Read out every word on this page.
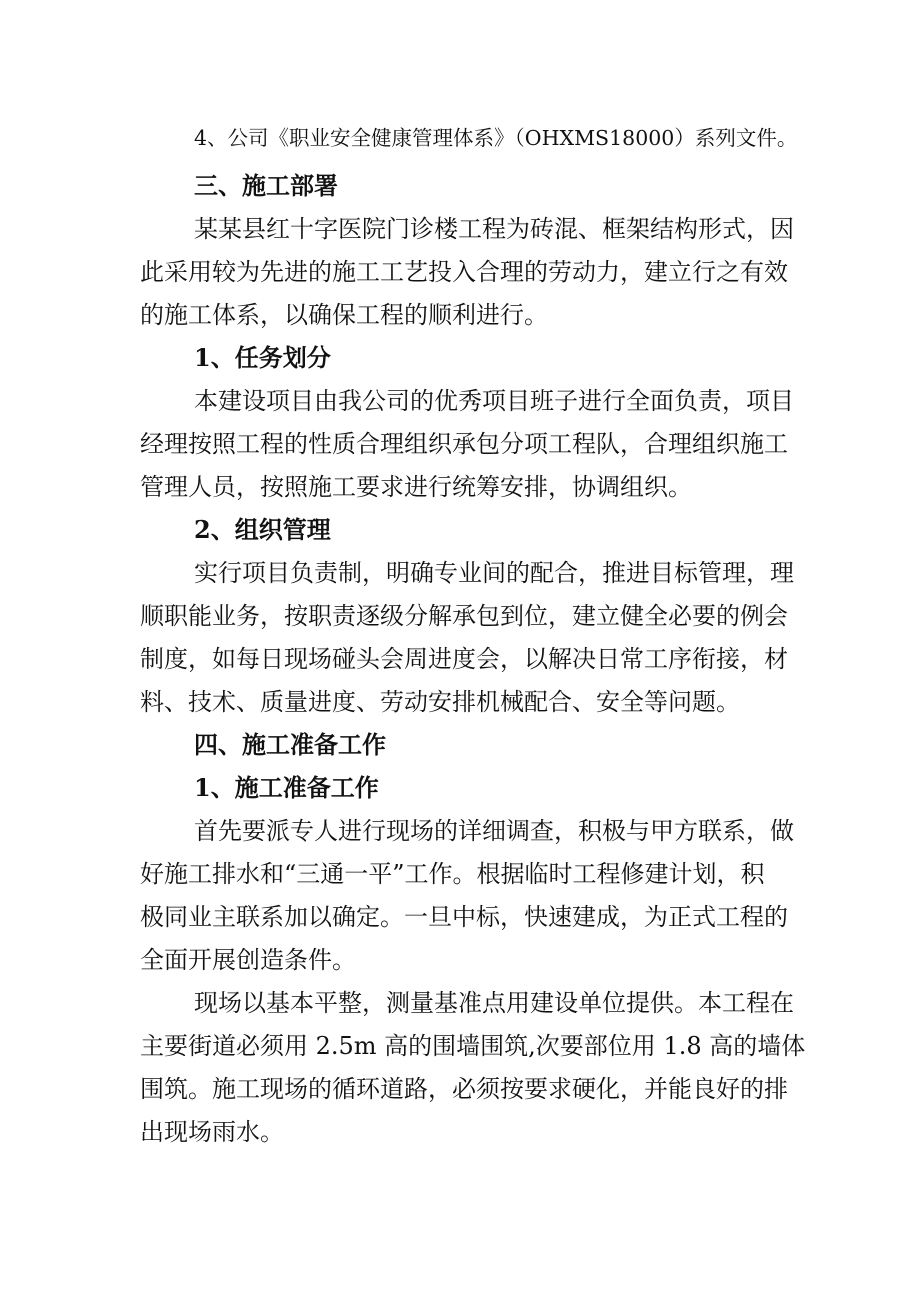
4、公司《职业安全健康管理体系》（OHXMS18000）系列文件。
三、施工部署
某某县红十字医院门诊楼工程为砖混、框架结构形式，因
此采用较为先进的施工工艺投入合理的劳动力，建立行之有效
的施工体系，以确保工程的顺利进行。
1、任务划分
本建设项目由我公司的优秀项目班子进行全面负责，项目
经理按照工程的性质合理组织承包分项工程队，合理组织施工
管理人员，按照施工要求进行统筹安排，协调组织。
2、组织管理
实行项目负责制，明确专业间的配合，推进目标管理，理
顺职能业务，按职责逐级分解承包到位，建立健全必要的例会
制度，如每日现场碰头会周进度会，以解决日常工序衔接，材
料、技术、质量进度、劳动安排机械配合、安全等问题。
四、施工准备工作
1、施工准备工作
首先要派专人进行现场的详细调查，积极与甲方联系，做
好施工排水和“三通一平”工作。根据临时工程修建计划，积
极同业主联系加以确定。一旦中标，快速建成，为正式工程的
全面开展创造条件。
现场以基本平整，测量基准点用建设单位提供。本工程在
主要街道必须用 2.5m 高的围墙围筑,次要部位用 1.8 高的墙体
围筑。施工现场的循环道路，必须按要求硬化，并能良好的排
出现场雨水。
